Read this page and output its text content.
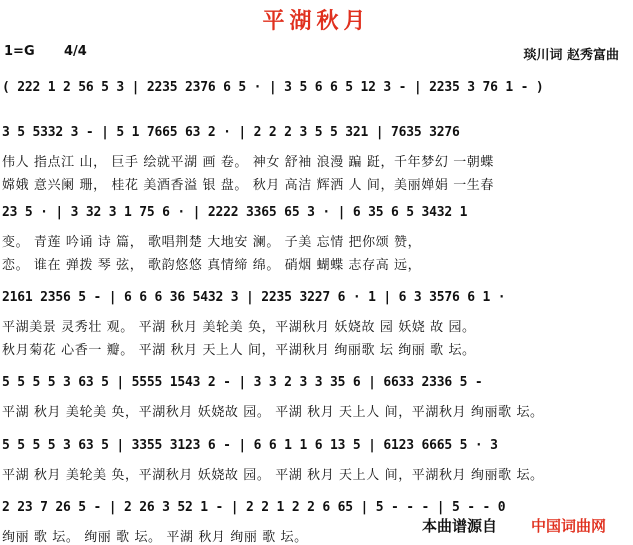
平湖秋月
1=G 4/4	琰川词 赵秀富曲
( 222 1 2 56 5 3 | 2235 2376 6 5 · | 3 5 6 6 5 12 3 - | 2235 3 76 1 - )
3 5 5332 3 - | 5 1 7665 63 2 · | 2 2 2 3 5 5 321 | 7635 3276
伟人 指点江 山， 巨手 绘就平湖 画 卷。 神女 舒袖 浪漫 蹁 跹，千年梦幻 一朝蝶
嫦娥 意兴阑 珊， 桂花 美酒香溢 银 盘。 秋月 高洁 辉洒 人 间，美丽婵娟 一生春
23 5 · | 3 32 3 1 75 6 · | 2222 3365 65 3 · | 6 35 6 5 3432 1
变。 青莲 吟诵 诗 篇， 歌唱荆楚 大地安 澜。 子美 忘情 把你颂 赞，
恋。 谁在 弹拨 琴 弦， 歌韵悠悠 真情缔 绵。 硝烟 蝴蝶 志存高 远，
2161 2356 5 - | 6 6 6 36 5432 3 | 2235 3227 6 · 1 | 6 3 3576 6 1 ·
平湖美景 灵秀壮 观。 平湖 秋月 美轮美 奂，平湖秋月 妖娆故 园 妖娆 故 园。
秋月菊花 心香一 瓣。 平湖 秋月 天上人 间，平湖秋月 绚丽歌 坛 绚丽 歌 坛。
5 5 5 5 3 63 5 | 5555 1543 2 - | 3 3 2 3 3 35 6 | 6633 2336 5 -
平湖 秋月 美轮美 奂，平湖秋月 妖娆故 园。 平湖 秋月 天上人 间，平湖秋月 绚丽歌 坛。
5 5 5 5 3 63 5 | 3355 3123 6 - | 6 6 1 1 6 13 5 | 6123 6665 5 · 3
平湖 秋月 美轮美 奂，平湖秋月 妖娆故 园。 平湖 秋月 天上人 间，平湖秋月 绚丽歌 坛。
2 23 7 26 5 - | 2 26 3 52 1 - | 2 2 1 2 2 6 65 | 5 - - - | 5 - - 0
绚丽 歌 坛。 绚丽 歌 坛。 平湖 秋月 绚丽 歌 坛。
本曲谱源自 中国词曲网
